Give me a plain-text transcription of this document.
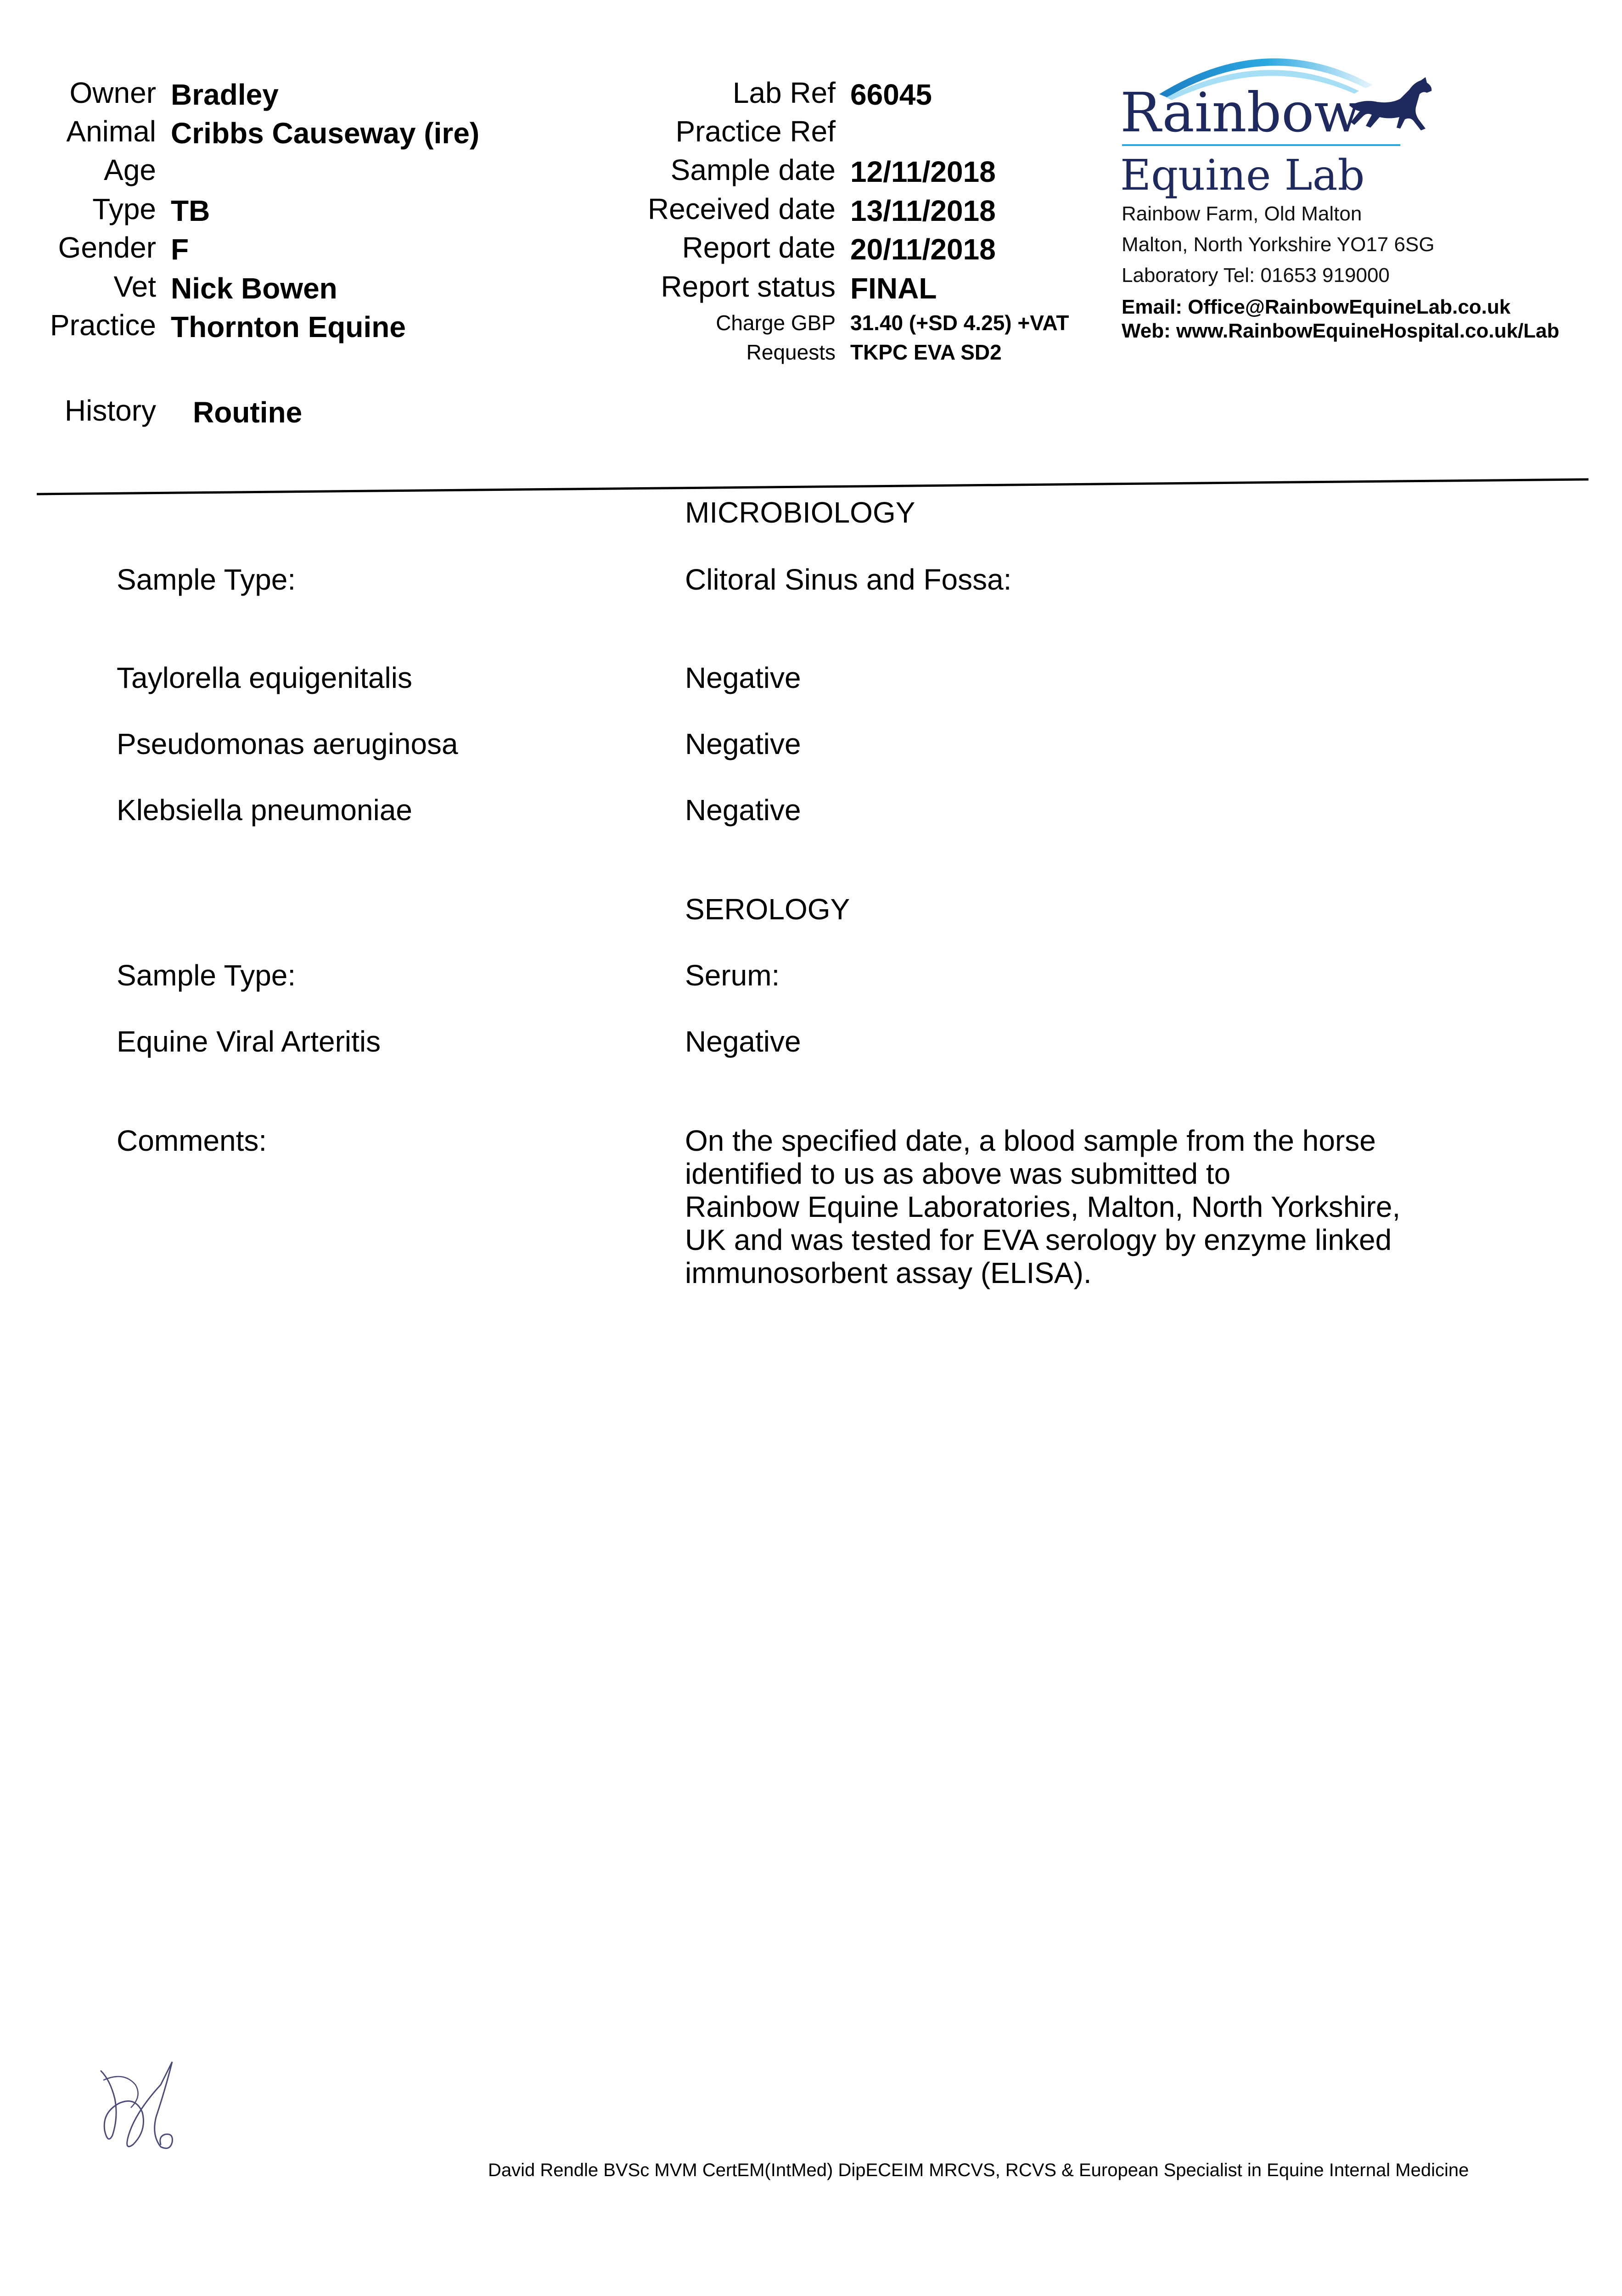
Owner Bradley
Animal Cribbs Causeway (ire)
Age
Type TB
Gender F
Vet Nick Bowen
Practice Thornton Equine
Lab Ref 66045
Practice Ref
Sample date 12/11/2018
Received date 13/11/2018
Report date 20/11/2018
Report status FINAL
Charge GBP 31.40 (+SD 4.25) +VAT
Requests TKPC EVA SD2
History Routine
Rainbow
Equine Lab
Rainbow Farm, Old Malton
Malton, North Yorkshire YO17 6SG
Laboratory Tel: 01653 919000
Email: Office@RainbowEquineLab.co.uk
Web: www.RainbowEquineHospital.co.uk/Lab
MICROBIOLOGY
Sample Type:	Clitoral Sinus and Fossa:
Taylorella equigenitalis	Negative
Pseudomonas aeruginosa	Negative
Klebsiella pneumoniae	Negative
SEROLOGY
Sample Type:	Serum:
Equine Viral Arteritis	Negative
Comments:	On the specified date, a blood sample from the horse
identified to us as above was submitted to
Rainbow Equine Laboratories, Malton, North Yorkshire,
UK and was tested for EVA serology by enzyme linked
immunosorbent assay (ELISA).
David Rendle BVSc MVM CertEM(IntMed) DipECEIM MRCVS, RCVS & European Specialist in Equine Internal Medicine
